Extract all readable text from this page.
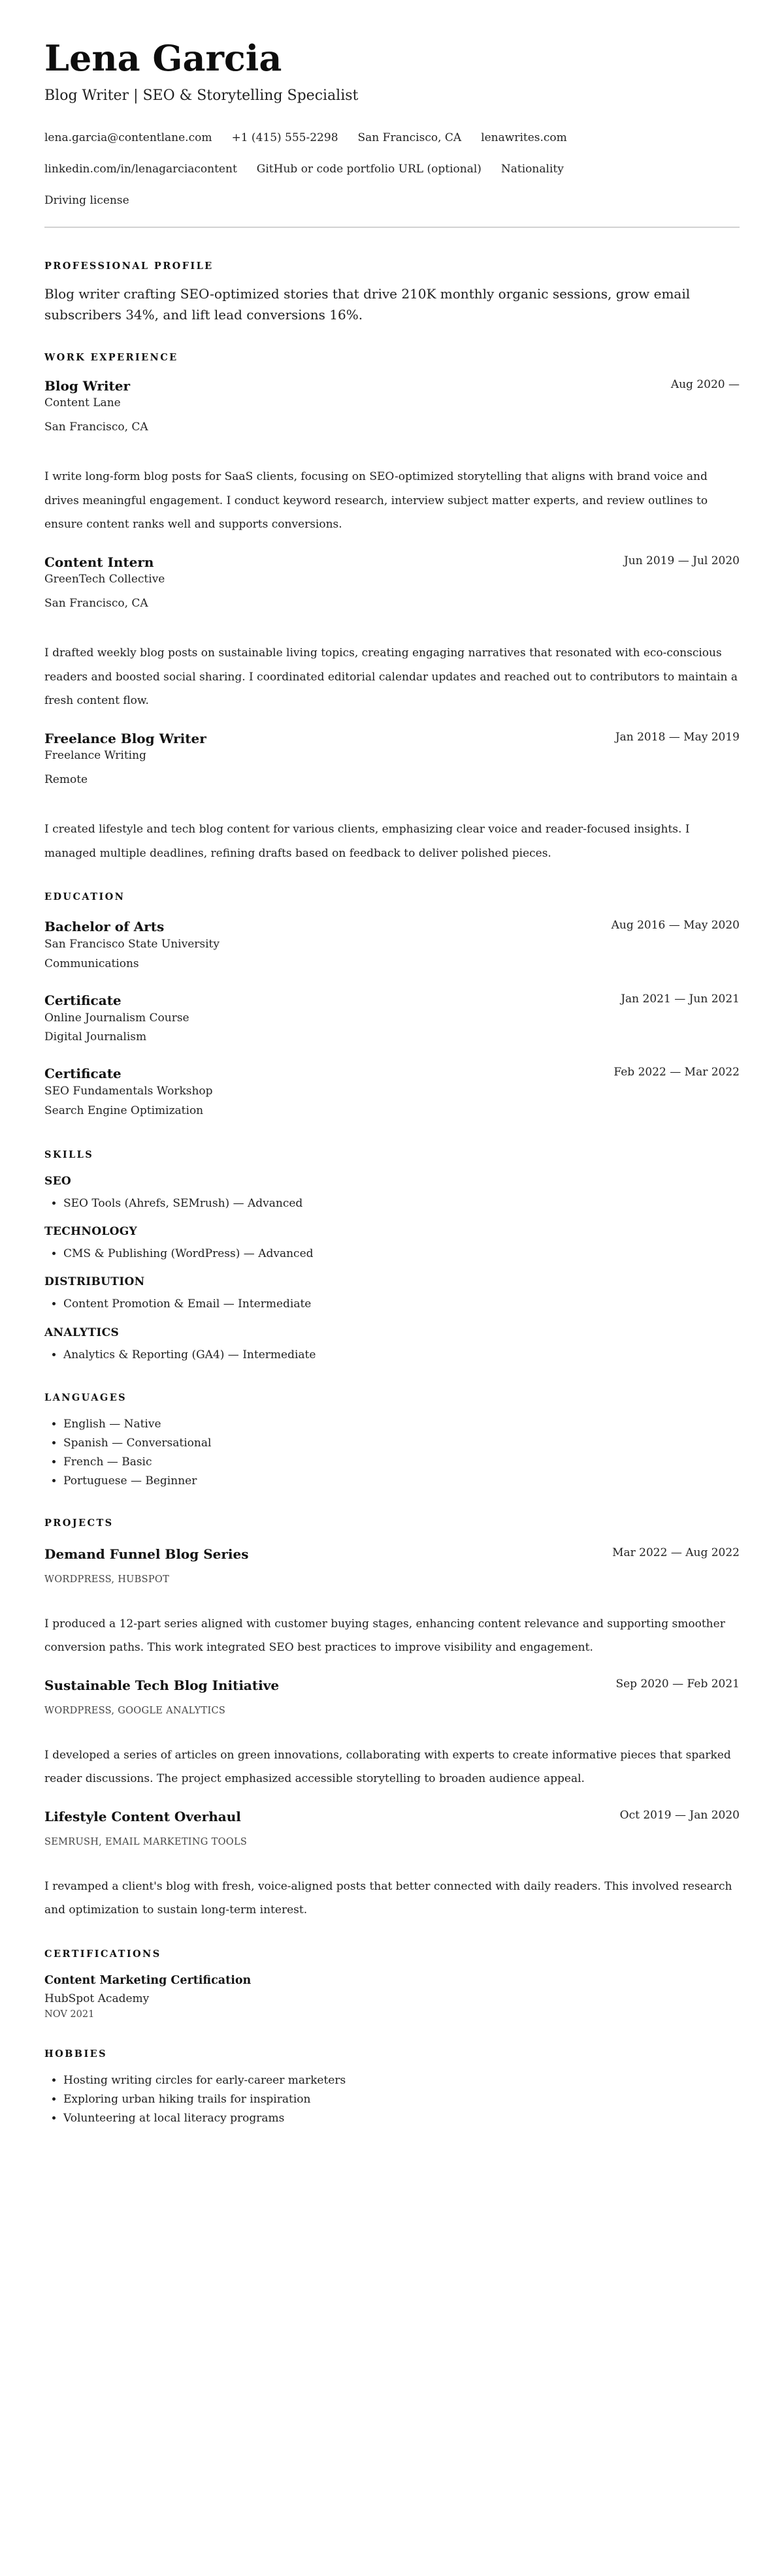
Lena Garcia
Blog Writer | SEO & Storytelling Specialist
lena.garcia@contentlane.com +1 (415) 555-2298 San Francisco, CA lenawrites.com
linkedin.com/in/lenagarciacontent GitHub or code portfolio URL (optional) Nationality
Driving license
PROFESSIONAL PROFILE

Blog writer crafting SEO-optimized stories that drive 210K monthly organic sessions, grow email subscribers 34%, and lift lead conversions 16%.

WORK EXPERIENCE
Blog Writer	Aug 2020 —
Content Lane
San Francisco, CA

I write long-form blog posts for SaaS clients, focusing on SEO-optimized storytelling that aligns with brand voice and drives meaningful engagement. I conduct keyword research, interview subject matter experts, and review outlines to ensure content ranks well and supports conversions.

Content Intern	Jun 2019 — Jul 2020
GreenTech Collective
San Francisco, CA

I drafted weekly blog posts on sustainable living topics, creating engaging narratives that resonated with eco-conscious readers and boosted social sharing. I coordinated editorial calendar updates and reached out to contributors to maintain a fresh content flow.

Freelance Blog Writer	Jan 2018 — May 2019
Freelance Writing
Remote

I created lifestyle and tech blog content for various clients, emphasizing clear voice and reader-focused insights. I managed multiple deadlines, refining drafts based on feedback to deliver polished pieces.

EDUCATION
Bachelor of Arts	Aug 2016 — May 2020
San Francisco State University
Communications
Certificate	Jan 2021 — Jun 2021
Online Journalism Course
Digital Journalism
Certificate	Feb 2022 — Mar 2022
SEO Fundamentals Workshop
Search Engine Optimization
SKILLS
SEO
• SEO Tools (Ahrefs, SEMrush) — Advanced
TECHNOLOGY
• CMS & Publishing (WordPress) — Advanced
DISTRIBUTION
• Content Promotion & Email — Intermediate
ANALYTICS
• Analytics & Reporting (GA4) — Intermediate
LANGUAGES
• English — Native
• Spanish — Conversational
• French — Basic
• Portuguese — Beginner
PROJECTS
Demand Funnel Blog Series	Mar 2022 — Aug 2022
WORDPRESS, HUBSPOT

I produced a 12-part series aligned with customer buying stages, enhancing content relevance and supporting smoother conversion paths. This work integrated SEO best practices to improve visibility and engagement.

Sustainable Tech Blog Initiative	Sep 2020 — Feb 2021
WORDPRESS, GOOGLE ANALYTICS

I developed a series of articles on green innovations, collaborating with experts to create informative pieces that sparked reader discussions. The project emphasized accessible storytelling to broaden audience appeal.

Lifestyle Content Overhaul	Oct 2019 — Jan 2020
SEMRUSH, EMAIL MARKETING TOOLS

I revamped a client's blog with fresh, voice-aligned posts that better connected with daily readers. This involved research and optimization to sustain long-term interest.

CERTIFICATIONS
Content Marketing Certification
HubSpot Academy
NOV 2021
HOBBIES
• Hosting writing circles for early-career marketers
• Exploring urban hiking trails for inspiration
• Volunteering at local literacy programs
